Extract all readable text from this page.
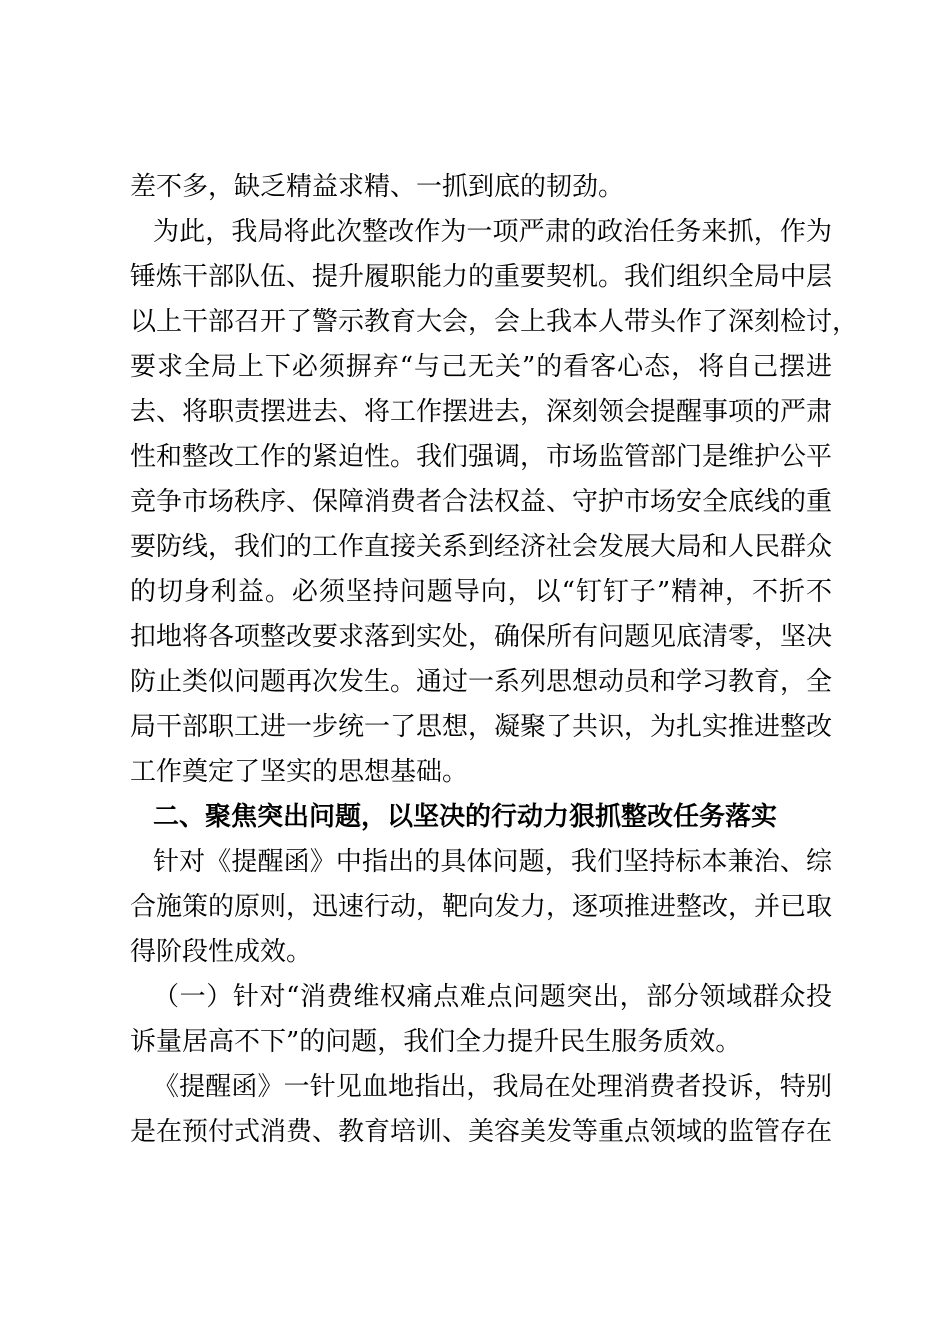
差不多，缺乏精益求精、一抓到底的韧劲。
为此，我局将此次整改作为一项严肃的政治任务来抓，作为
锤炼干部队伍、提升履职能力的重要契机。我们组织全局中层
以上干部召开了警示教育大会，会上我本人带头作了深刻检讨，
要求全局上下必须摒弃“与己无关”的看客心态，将自己摆进
去、将职责摆进去、将工作摆进去，深刻领会提醒事项的严肃
性和整改工作的紧迫性。我们强调，市场监管部门是维护公平
竞争市场秩序、保障消费者合法权益、守护市场安全底线的重
要防线，我们的工作直接关系到经济社会发展大局和人民群众
的切身利益。必须坚持问题导向，以“钉钉子”精神，不折不
扣地将各项整改要求落到实处，确保所有问题见底清零，坚决
防止类似问题再次发生。通过一系列思想动员和学习教育，全
局干部职工进一步统一了思想，凝聚了共识，为扎实推进整改
工作奠定了坚实的思想基础。
二、聚焦突出问题，以坚决的行动力狠抓整改任务落实
针对《提醒函》中指出的具体问题，我们坚持标本兼治、综
合施策的原则，迅速行动，靶向发力，逐项推进整改，并已取
得阶段性成效。
（一）针对“消费维权痛点难点问题突出，部分领域群众投
诉量居高不下”的问题，我们全力提升民生服务质效。
《提醒函》一针见血地指出，我局在处理消费者投诉，特别
是在预付式消费、教育培训、美容美发等重点领域的监管存在
